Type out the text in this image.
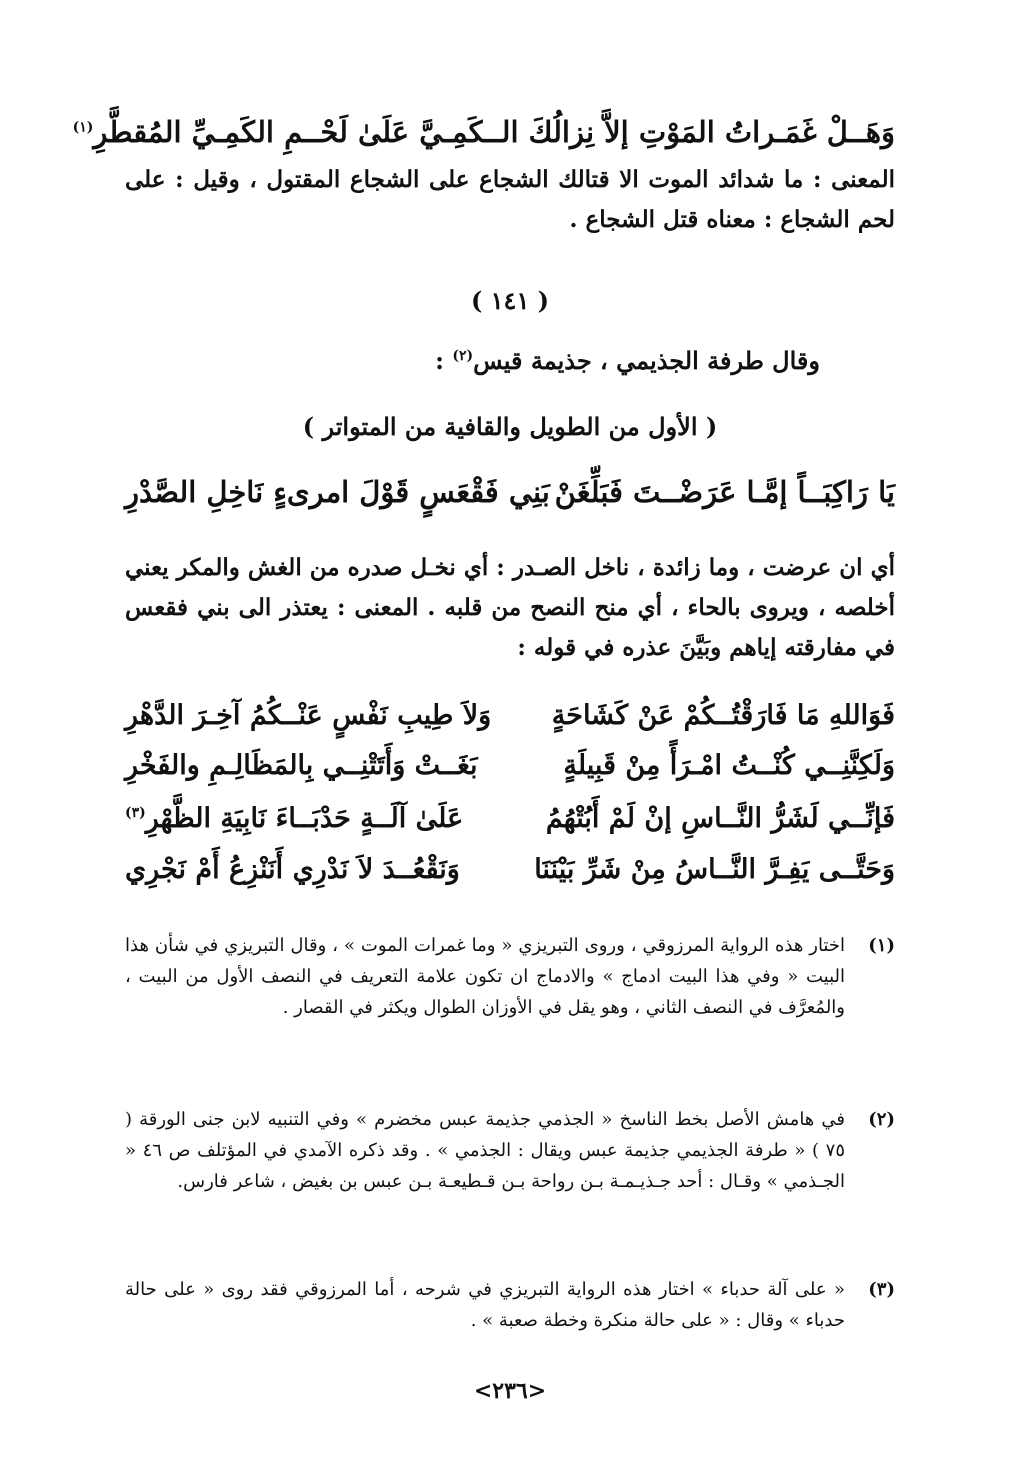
وَهَــلْ غَمَـراتُ المَوْتِ إلاَّ نِزالُكَ الـ
ـكَمِـيَّ عَلَىٰ لَحْــمِ الكَمِـيِّ المُقطَّرِ$^{(١)}$
المعنى : ما شدائد الموت الا قتالك الشجاع على الشجاع المقتول ، وقيل : على لحم الشجاع : معناه قتل الشجاع .
( ١٤١ )
وقال طرفة الجذيمي ، جذيمة قيس$^{(٢)}$ :
( الأول من الطويل والقافية من المتواتر )
يَا رَاكِبَــاً إمَّـا عَرَضْــتَ فَبَلِّغَنْ
بَنِي فَقْعَسٍ قَوْلَ امرىءٍ نَاخِلِ الصَّدْرِ
أي ان عرضت ، وما زائدة ، ناخل الصـدر : أي نخـل صدره من الغش والمكر يعني أخلصه ، ويروى بالحاء ، أي منح النصح من قلبه . المعنى : يعتذر الى بني فقعس في مفارقته إياهم وبَيَّنَ عذره في قوله :
فَوَاللهِ مَا فَارَقْتُــكُمْ عَنْ كَشَاحَةٍ
وَلاَ طِيبِ نَفْسٍ عَنْــكُمُ آخِـرَ الدَّهْرِ
وَلَكِنَّنِــي كُنْــتُ امْـرَأً مِنْ قَبِيلَةٍ
بَغَــتْ وَأَتَتْنِــي بِالمَظَالِـمِ والفَخْرِ
فَإنِّــي لَشَرُّ النَّــاسِ إنْ لَمْ أَبُتْهُمُ
عَلَىٰ آلَــةٍ حَدْبَــاءَ نَابِيَةِ الظَّهْرِ$^{(٣)}$
وَحَتَّــى يَفِـرَّ النَّــاسُ مِنْ شَرِّ بَيْنَنَا
وَنَقْعُــدَ لاَ نَدْرِي أَنَنْزِعُ أَمْ نَجْرِي
(١)
اختار هذه الرواية المرزوقي ، وروى التبريزي « وما غمرات الموت » ، وقال التبريزي في شأن هذا البيت « وفي هذا البيت ادماج » والادماج ان تكون علامة التعريف في النصف الأول من البيت ، والمُعرَّف في النصف الثاني ، وهو يقل في الأوزان الطوال ويكثر في القصار .
(٢)
في هامش الأصل بخط الناسخ « الجذمي جذيمة عبس مخضرم » وفي التنبيه لابن جنى الورقة ( ٧٥ ) « طرفة الجذيمي جذيمة عبس ويقال : الجذمي » . وقد ذكره الآمدي في المؤتلف ص ٤٦ « الجـذمي » وقـال : أحد جـذيـمـة بـن رواحة بـن قـطيعـة بـن عبس بن بغيض ، شاعر فارس.
(٣)
« على آلة حدباء » اختار هذه الرواية التبريزي في شرحه ، أما المرزوقي فقد روى « على حالة حدباء » وقال : « على حالة منكرة وخطة صعبة » .
<٢٣٦>
